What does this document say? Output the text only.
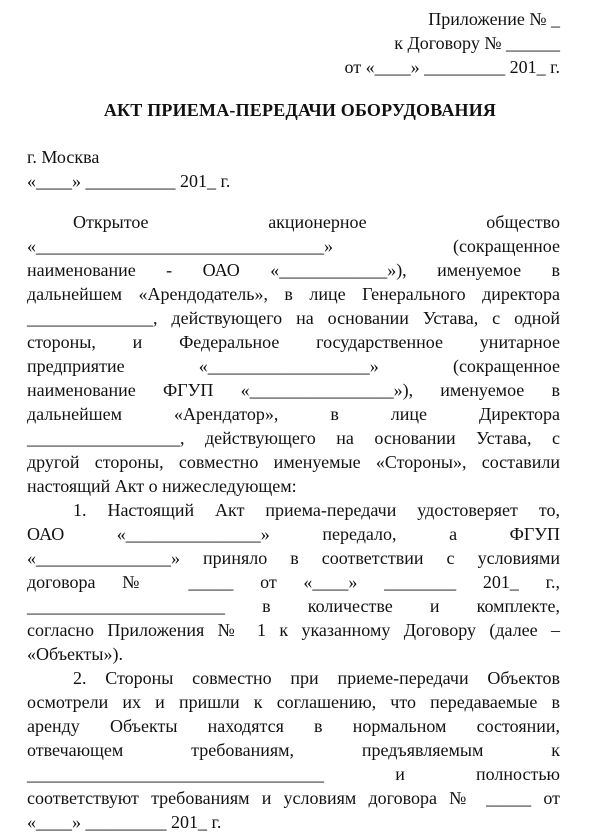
Приложение № _
к Договору № ______
от «____» _________ 201_ г.
АКТ ПРИЕМА-ПЕРЕДАЧИ ОБОРУДОВАНИЯ
г. Москва
«____» __________ 201_ г.
Открытое акционерное общество
«________________________________» (сокращенное
наименование - ОАО «____________»), именуемое в
дальнейшем «Арендодатель», в лице Генерального директора
______________, действующего на основании Устава, с одной
стороны, и Федеральное государственное унитарное
предприятие «__________________» (сокращенное
наименование ФГУП «________________»), именуемое в
дальнейшем «Арендатор», в лице Директора
_________________, действующего на основании Устава, с
другой стороны, совместно именуемые «Стороны», составили
настоящий Акт о нижеследующем:
1. Настоящий Акт приема-передачи удостоверяет то,
ОАО «_______________» передало, а ФГУП
«_______________» приняло в соответствии с условиями
договора № _____ от «____» ________ 201_ г.,
______________________ в количестве и комплекте,
согласно Приложения № 1 к указанному Договору (далее –
«Объекты»).
2. Стороны совместно при приеме-передачи Объектов
осмотрели их и пришли к соглашению, что передаваемые в
аренду Объекты находятся в нормальном состоянии,
отвечающем требованиям, предъявляемым к
_________________________________ и полностью
соответствуют требованиям и условиям договора № _____ от
«____» _________ 201_ г.
